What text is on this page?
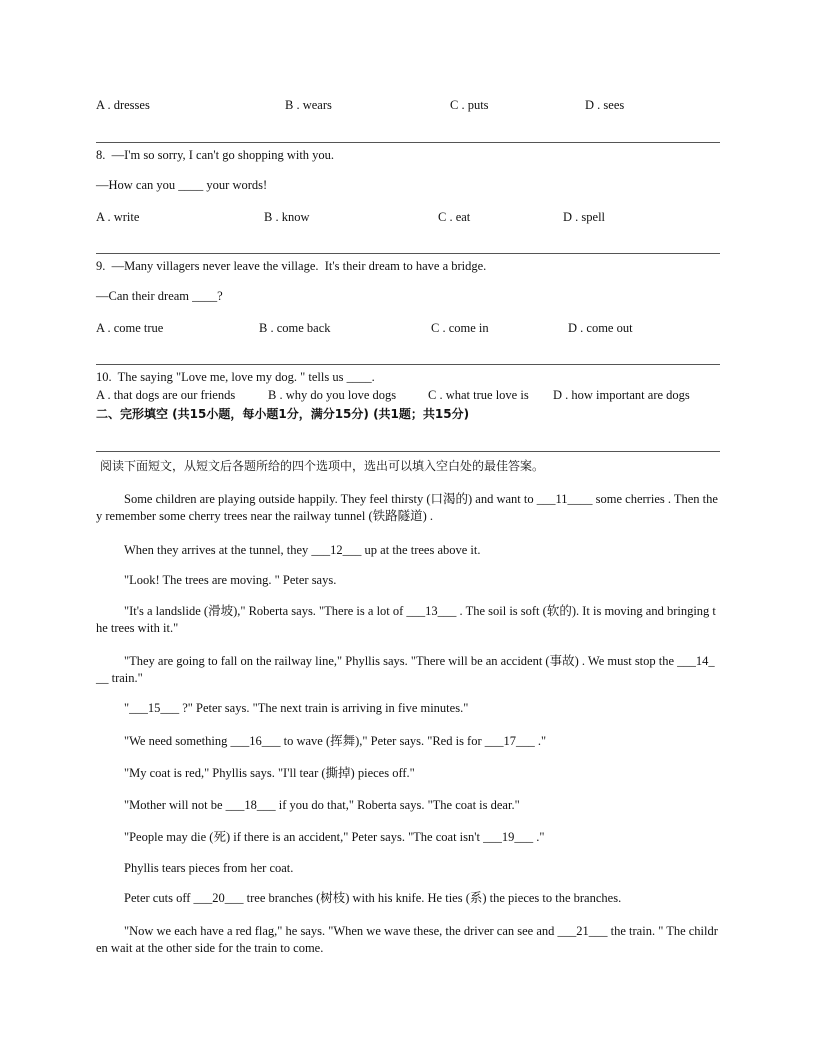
A . dresses	B . wears	C . puts	D . sees
8.  —I'm so sorry, I can't go shopping with you.
—How can you ____ your words!
A . write	B . know	C . eat	D . spell
9.  —Many villagers never leave the village.  It's their dream to have a bridge.
—Can their dream ____?
A . come true	B . come back	C . come in	D . come out
10.  The saying "Love me, love my dog. " tells us ____.
A . that dogs are our friends	B . why do you love dogs	C . what true love is D . how important are dogs
二、完形填空 (共15小题，每小题1分，满分15分) (共1题；共15分)
阅读下面短文，从短文后各题所给的四个选项中，选出可以填入空白处的最佳答案。
Some children are playing outside happily. They feel thirsty (口渴的) and want to ___11____ some cherries . Then they remember some cherry trees near the railway tunnel (铁路隧道) .
When they arrives at the tunnel, they ___12___ up at the trees above it.
"Look! The trees are moving. " Peter says.
"It's a landslide (滑坡)," Roberta says. "There is a lot of ___13___ . The soil is soft (软的). It is moving and bringing the trees with it."
"They are going to fall on the railway line," Phyllis says. "There will be an accident (事故) . We must stop the ___14___ train."
"___15___ ?" Peter says. "The next train is arriving in five minutes."
"We need something ___16___ to wave (挥舞)," Peter says. "Red is for ___17___ ."
"My coat is red," Phyllis says. "I'll tear (撕掉) pieces off."
"Mother will not be ___18___ if you do that," Roberta says. "The coat is dear."
"People may die (死) if there is an accident," Peter says. "The coat isn't ___19___ ."
Phyllis tears pieces from her coat.
Peter cuts off ___20___ tree branches (树枝) with his knife. He ties (系) the pieces to the branches.
"Now we each have a red flag," he says. "When we wave these, the driver can see and ___21___ the train. " The children wait at the other side for the train to come.
